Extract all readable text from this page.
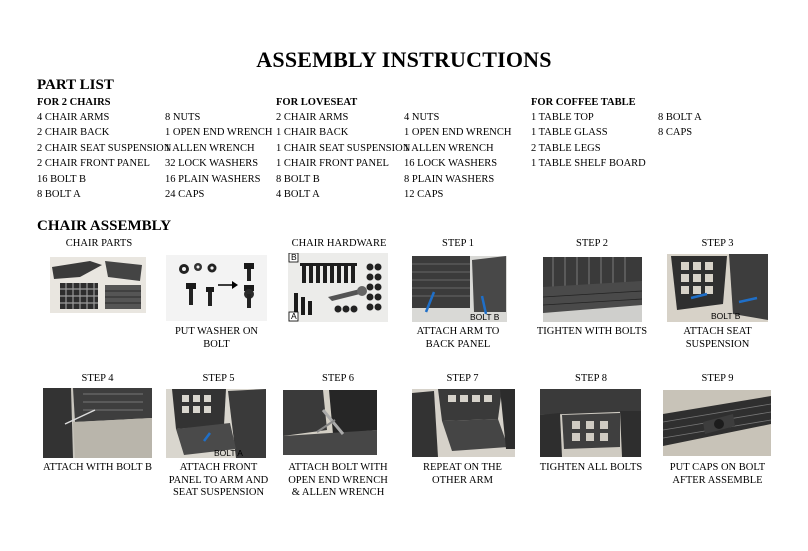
ASSEMBLY INSTRUCTIONS
PART LIST
FOR 2 CHAIRS
4 CHAIR ARMS
2 CHAIR BACK
2 CHAIR SEAT SUSPENSION
2 CHAIR FRONT PANEL
16 BOLT B
8 BOLT A
8 NUTS
1 OPEN END WRENCH
1 ALLEN WRENCH
32 LOCK WASHERS
16 PLAIN WASHERS
24 CAPS
FOR LOVESEAT
2 CHAIR ARMS
1 CHAIR BACK
1 CHAIR SEAT SUSPENSION
1 CHAIR FRONT PANEL
8 BOLT B
4 BOLT A
4 NUTS
1 OPEN END WRENCH
1 ALLEN WRENCH
16 LOCK WASHERS
8 PLAIN WASHERS
12 CAPS
FOR COFFEE TABLE
1 TABLE TOP
1 TABLE GLASS
2 TABLE LEGS
1 TABLE SHELF BOARD
8 BOLT A
8 CAPS
CHAIR ASSEMBLY
CHAIR PARTS
PUT WASHER ON BOLT
CHAIR HARDWARE
B
A
STEP 1
BOLT B
ATTACH ARM TO BACK PANEL
STEP 2
TIGHTEN WITH BOLTS
STEP 3
BOLT B
ATTACH SEAT SUSPENSION
STEP 4
ATTACH WITH BOLT B
STEP 5
BOLT A
ATTACH FRONT PANEL TO ARM AND SEAT SUSPENSION
STEP 6
ATTACH BOLT WITH OPEN END WRENCH & ALLEN WRENCH
STEP 7
REPEAT ON THE OTHER ARM
STEP 8
TIGHTEN ALL BOLTS
STEP 9
PUT CAPS ON BOLT AFTER ASSEMBLE
